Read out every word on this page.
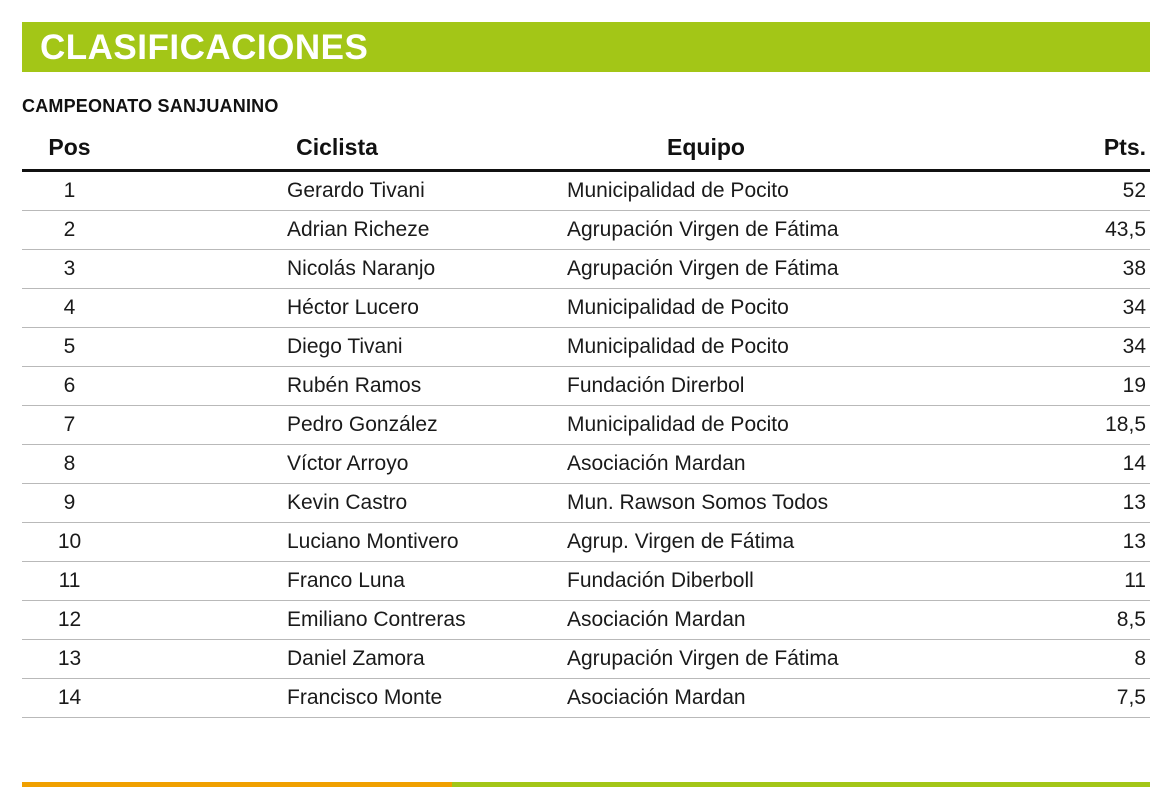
CLASIFICACIONES
CAMPEONATO SANJUANINO
Pos	Ciclista	Equipo	Pts.
1	Gerardo Tivani	Municipalidad de Pocito	52
2	Adrian Richeze	Agrupación Virgen de Fátima	43,5
3	Nicolás Naranjo	Agrupación Virgen de Fátima	38
4	Héctor Lucero	Municipalidad de Pocito	34
5	Diego Tivani	Municipalidad de Pocito	34
6	Rubén Ramos	Fundación Direrbol	19
7	Pedro González	Municipalidad de Pocito	18,5
8	Víctor Arroyo	Asociación Mardan	14
9	Kevin Castro	Mun. Rawson Somos Todos	13
10	Luciano Montivero	Agrup. Virgen de Fátima	13
11	Franco Luna	Fundación Diberboll	11
12	Emiliano Contreras	Asociación Mardan	8,5
13	Daniel Zamora	Agrupación Virgen de Fátima	8
14	Francisco Monte	Asociación Mardan	7,5
